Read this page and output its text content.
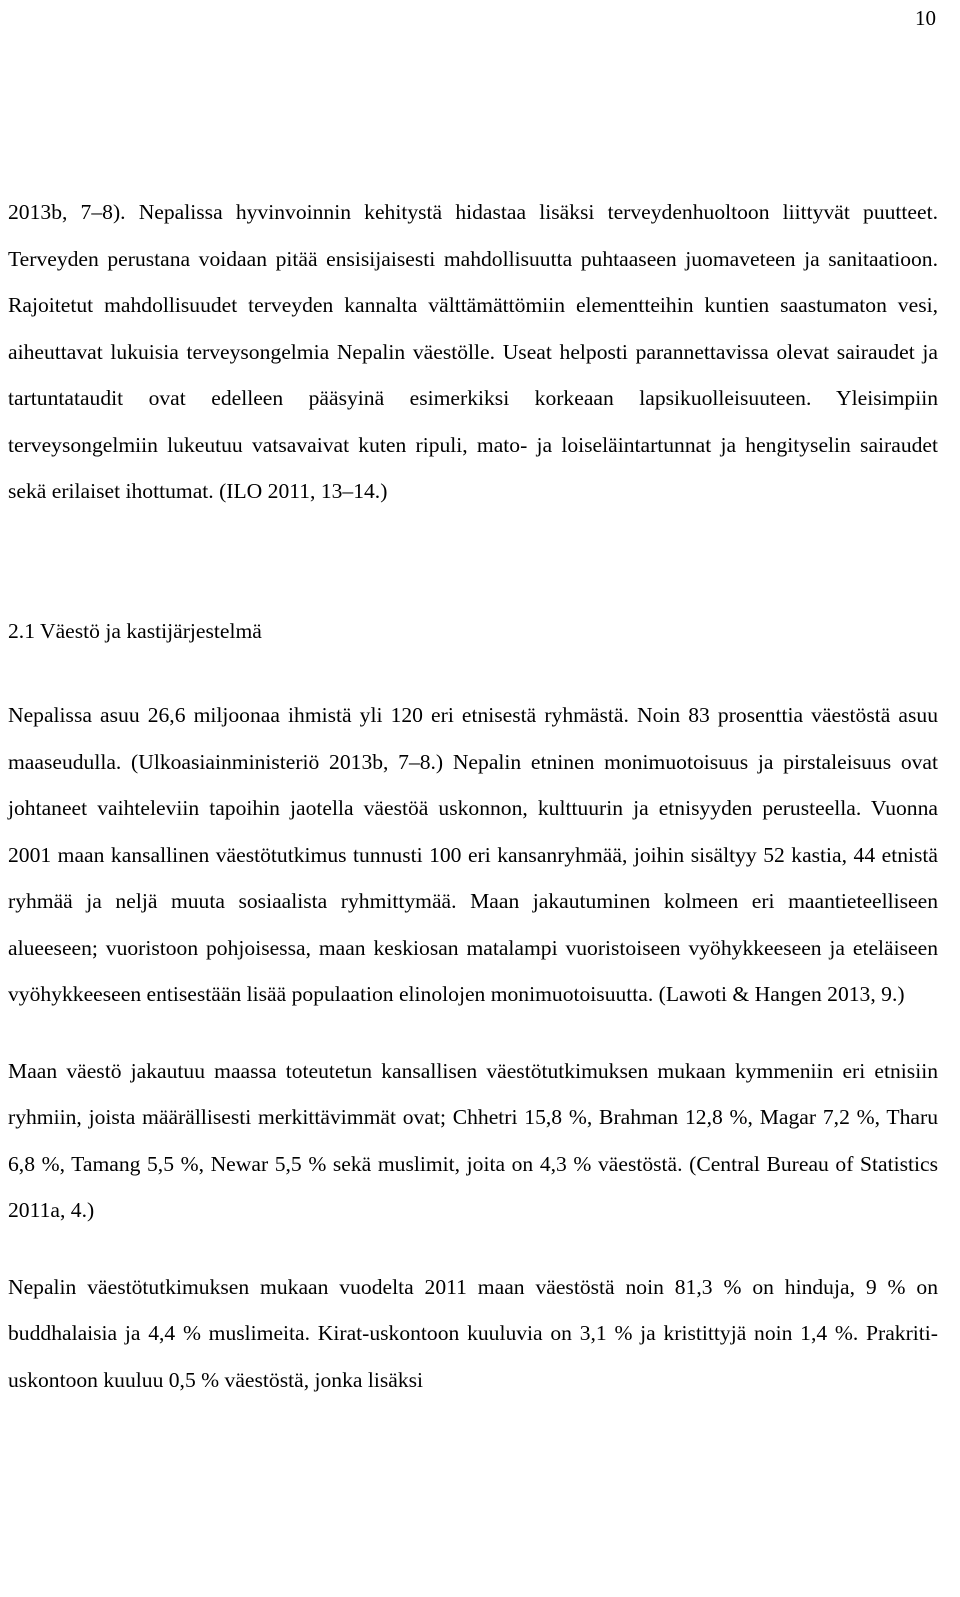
10

2013b, 7–8). Nepalissa hyvinvoinnin kehitystä hidastaa lisäksi terveydenhuoltoon liittyvät puutteet. Terveyden perustana voidaan pitää ensisijaisesti mahdollisuutta puhtaaseen juomaveteen ja sanitaatioon. Rajoitetut mahdollisuudet terveyden kannalta välttämättömiin elementteihin kuntien saastumaton vesi, aiheuttavat lukuisia terveysongelmia Nepalin väestölle. Useat helposti parannettavissa olevat sairaudet ja tartuntataudit ovat edelleen pääsyinä esimerkiksi korkeaan lapsikuolleisuuteen. Yleisimpiin terveysongelmiin lukeutuu vatsavaivat kuten ripuli, mato- ja loiseläintartunnat ja hengityselin sairaudet sekä erilaiset ihottumat. (ILO 2011, 13–14.)

2.1 Väestö ja kastijärjestelmä

Nepalissa asuu 26,6 miljoonaa ihmistä yli 120 eri etnisestä ryhmästä. Noin 83 prosenttia väestöstä asuu maaseudulla. (Ulkoasiainministeriö 2013b, 7–8.) Nepalin etninen monimuotoisuus ja pirstaleisuus ovat johtaneet vaihteleviin tapoihin jaotella väestöä uskonnon, kulttuurin ja etnisyyden perusteella. Vuonna 2001 maan kansallinen väestötutkimus tunnusti 100 eri kansanryhmää, joihin sisältyy 52 kastia, 44 etnistä ryhmää ja neljä muuta sosiaalista ryhmittymää. Maan jakautuminen kolmeen eri maantieteelliseen alueeseen; vuoristoon pohjoisessa, maan keskiosan matalampi vuoristoiseen vyöhykkeeseen ja eteläiseen vyöhykkeeseen entisestään lisää populaation elinolojen monimuotoisuutta. (Lawoti & Hangen 2013, 9.)

Maan väestö jakautuu maassa toteutetun kansallisen väestötutkimuksen mukaan kymmeniin eri etnisiin ryhmiin, joista määrällisesti merkittävimmät ovat; Chhetri 15,8 %, Brahman 12,8 %, Magar 7,2 %, Tharu 6,8 %, Tamang 5,5 %, Newar 5,5 % sekä muslimit, joita on 4,3 % väestöstä. (Central Bureau of Statistics 2011a, 4.)

Nepalin väestötutkimuksen mukaan vuodelta 2011 maan väestöstä noin 81,3 % on hinduja, 9 % on buddhalaisia ja 4,4 % muslimeita. Kirat-uskontoon kuuluvia on 3,1 % ja kristittyjä noin 1,4 %. Prakriti-uskontoon kuuluu 0,5 % väestöstä, jonka lisäksi
